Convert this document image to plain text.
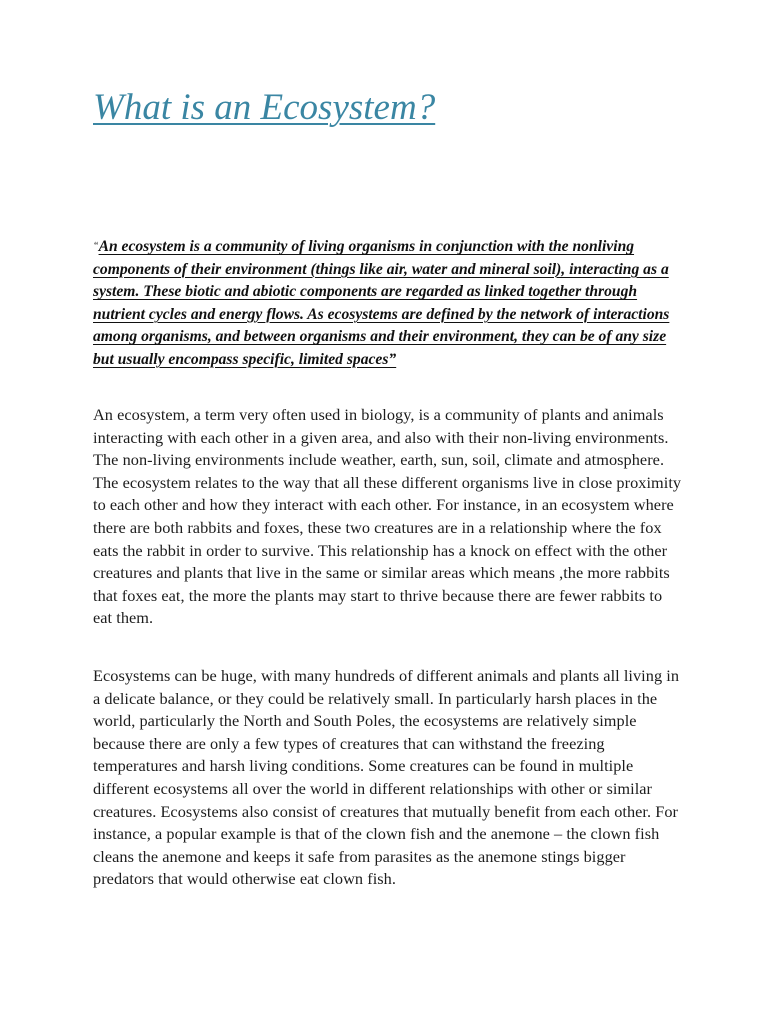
What is an Ecosystem?

“An ecosystem is a community of living organisms in conjunction with the nonliving components of their environment (things like air, water and mineral soil), interacting as a system. These biotic and abiotic components are regarded as linked together through nutrient cycles and energy flows. As ecosystems are defined by the network of interactions among organisms, and between organisms and their environment, they can be of any size but usually encompass specific, limited spaces”

An ecosystem, a term very often used in biology, is a community of plants and animals interacting with each other in a given area, and also with their non-living environments. The non-living environments include weather, earth, sun, soil, climate and atmosphere. The ecosystem relates to the way that all these different organisms live in close proximity to each other and how they interact with each other. For instance, in an ecosystem where there are both rabbits and foxes, these two creatures are in a relationship where the fox eats the rabbit in order to survive. This relationship has a knock on effect with the other creatures and plants that live in the same or similar areas which means ,the more rabbits that foxes eat, the more the plants may start to thrive because there are fewer rabbits to eat them.

Ecosystems can be huge, with many hundreds of different animals and plants all living in a delicate balance, or they could be relatively small. In particularly harsh places in the world, particularly the North and South Poles, the ecosystems are relatively simple because there are only a few types of creatures that can withstand the freezing temperatures and harsh living conditions. Some creatures can be found in multiple different ecosystems all over the world in different relationships with other or similar creatures. Ecosystems also consist of creatures that mutually benefit from each other. For instance, a popular example is that of the clown fish and the anemone – the clown fish cleans the anemone and keeps it safe from parasites as the anemone stings bigger predators that would otherwise eat clown fish.
